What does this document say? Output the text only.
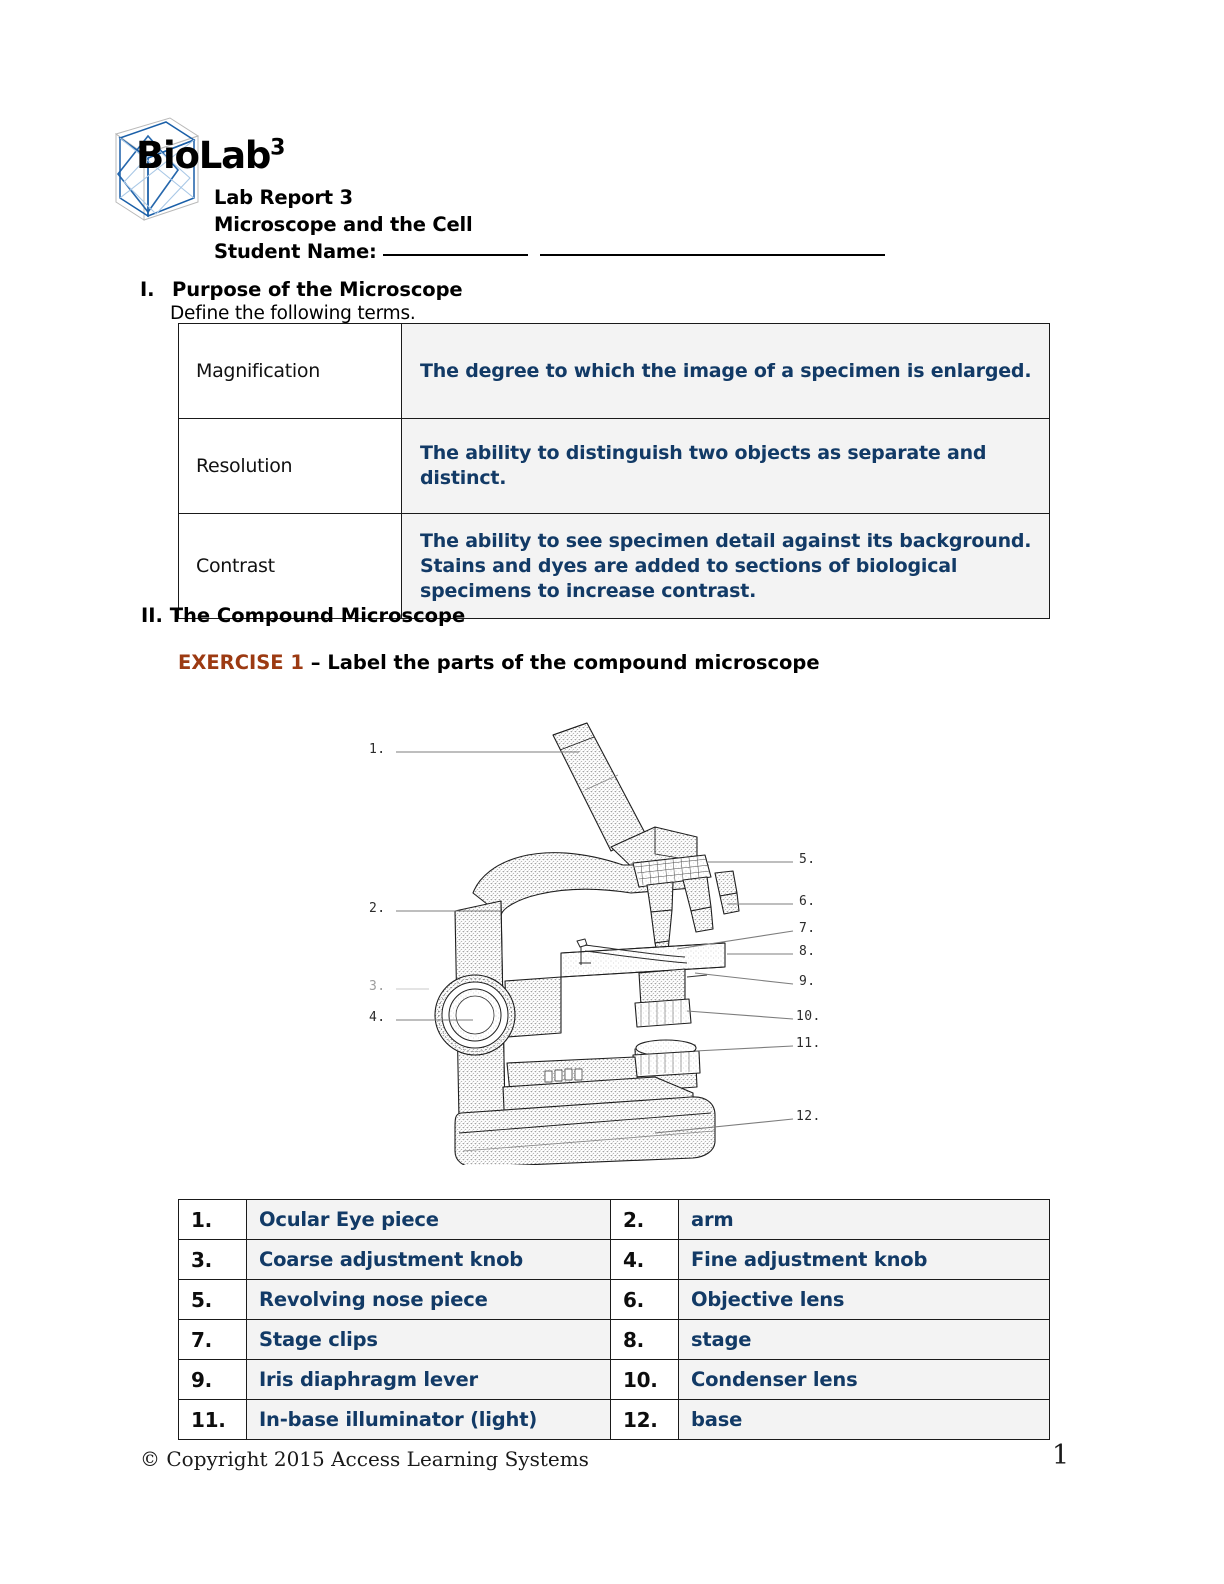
BioLab$^3$
Lab Report 3
Microscope and the Cell
Student Name:
I. Purpose of the Microscope
Define the following terms.
Magnification	The degree to which the image of a specimen is enlarged.
Resolution	The ability to distinguish two objects as separate and distinct.
Contrast	The ability to see specimen detail against its background. Stains and dyes are added to sections of biological specimens to increase contrast.
II. The Compound Microscope
EXERCISE 1 – Label the parts of the compound microscope
1.
2.
3.
4.
5.
6.
7.
8.
9.
10.
11.
12.
1.	Ocular Eye piece	2.	arm
3.	Coarse adjustment knob	4.	Fine adjustment knob
5.	Revolving nose piece	6.	Objective lens
7.	Stage clips	8.	stage
9.	Iris diaphragm lever	10.	Condenser lens
11.	In-base illuminator (light)	12.	base
© Copyright 2015 Access Learning Systems	1
